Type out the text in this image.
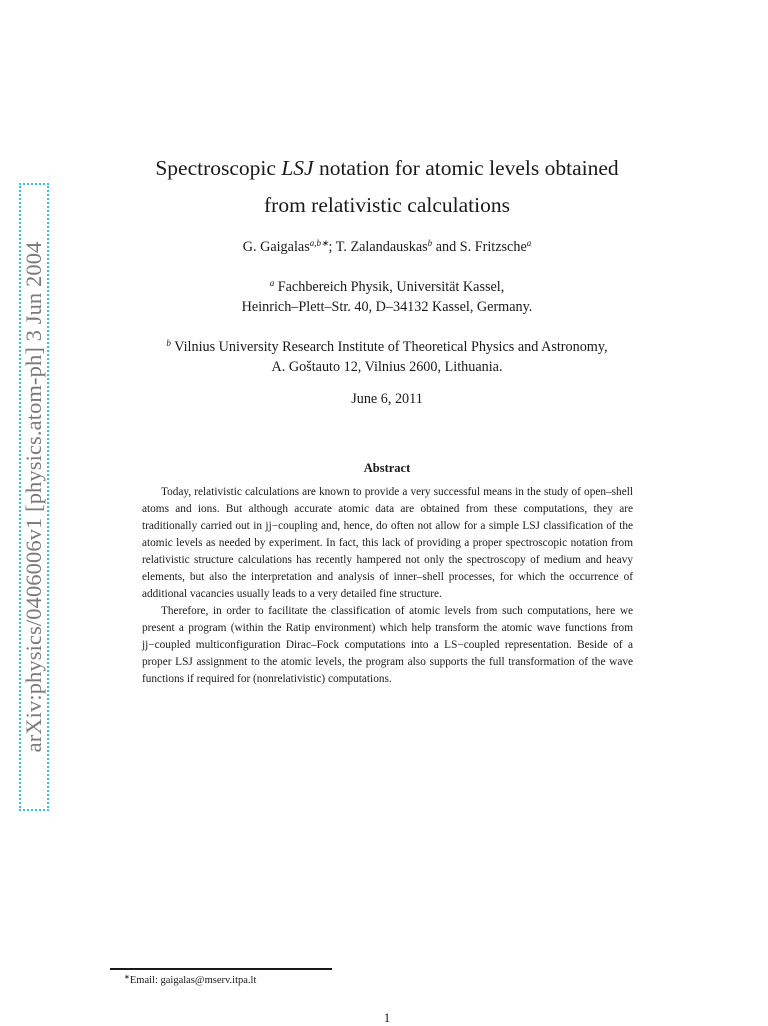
arXiv:physics/0406006v1 [physics.atom-ph] 3 Jun 2004
Spectroscopic LSJ notation for atomic levels obtained
from relativistic calculations
G. Gaigalas$^{a,b∗}$; T. Zalandauskas$^b$ and S. Fritzsche$^a$
$^a$ Fachbereich Physik, Universität Kassel,
Heinrich–Plett–Str. 40, D–34132 Kassel, Germany.
$^b$ Vilnius University Research Institute of Theoretical Physics and Astronomy,
A. Goštauto 12, Vilnius 2600, Lithuania.
June 6, 2011
Abstract

Today, relativistic calculations are known to provide a very successful means in the study of open–shell atoms and ions. But although accurate atomic data are obtained from these computations, they are traditionally carried out in jj−coupling and, hence, do often not allow for a simple LSJ classification of the atomic levels as needed by experiment. In fact, this lack of providing a proper spectroscopic notation from relativistic structure calculations has recently hampered not only the spectroscopy of medium and heavy elements, but also the interpretation and analysis of inner–shell processes, for which the occurrence of additional vacancies usually leads to a very detailed fine structure.

Therefore, in order to facilitate the classification of atomic levels from such computations, here we present a program (within the Ratip environment) which help transform the atomic wave functions from jj−coupled multiconfiguration Dirac–Fock computations into a LS−coupled representation. Beside of a proper LSJ assignment to the atomic levels, the program also supports the full transformation of the wave functions if required for (nonrelativistic) computations.

∗Email: gaigalas@mserv.itpa.lt
1
